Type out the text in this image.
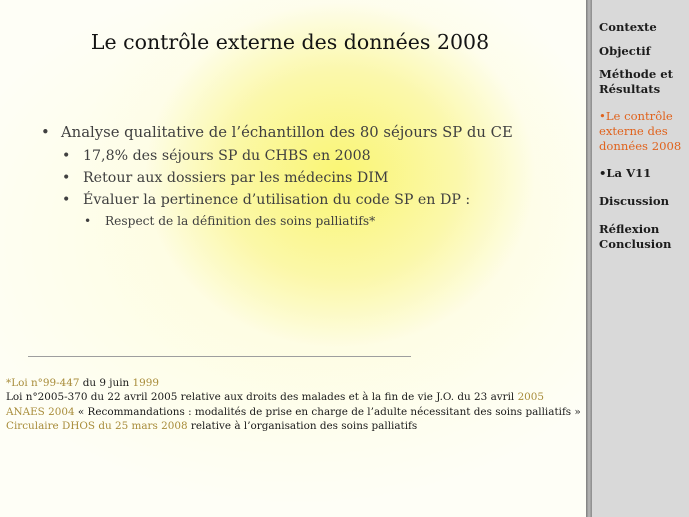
Le contrôle externe des données 2008
• Analyse qualitative de l’échantillon des 80 séjours SP du CE
• 17,8% des séjours SP du CHBS en 2008
• Retour aux dossiers par les médecins DIM
• Évaluer la pertinence d’utilisation du code SP en DP :
• Respect de la définition des soins palliatifs*
*Loi n°99-447 du 9 juin 1999
Loi n°2005-370 du 22 avril 2005 relative aux droits des malades et à la fin de vie J.O. du 23 avril 2005
ANAES 2004 « Recommandations : modalités de prise en charge de l’adulte nécessitant des soins palliatifs »
Circulaire DHOS du 25 mars 2008 relative à l’organisation des soins palliatifs
Contexte
Objectif
Méthode et Résultats
•Le contrôle externe des données 2008
•La V11
Discussion
Réflexion Conclusion
